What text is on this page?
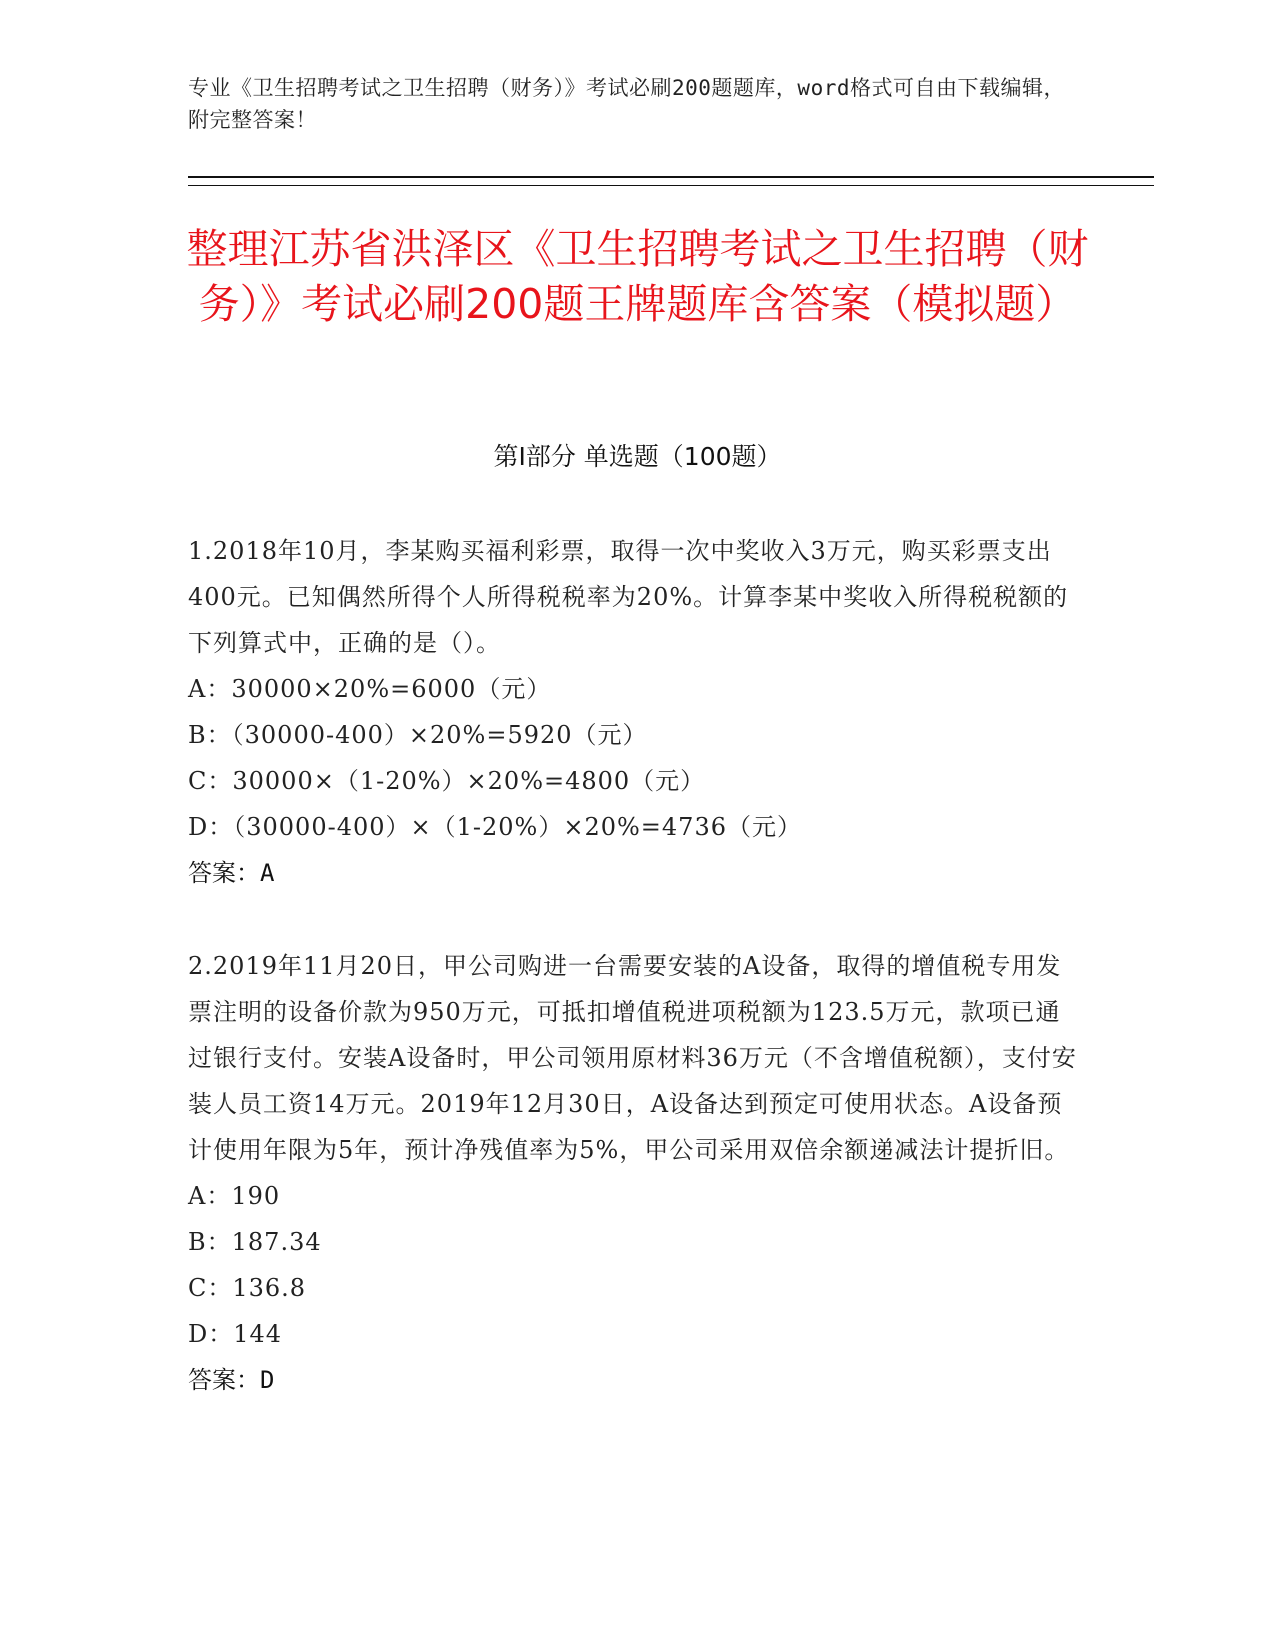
专业《卫生招聘考试之卫生招聘（财务）》考试必刷200题题库，word格式可自由下载编辑，附完整答案！
整理江苏省洪泽区《卫生招聘考试之卫生招聘（财务）》考试必刷200题王牌题库含答案（模拟题）
第Ⅰ部分 单选题（100题）

1.2018年10月，李某购买福利彩票，取得一次中奖收入3万元，购买彩票支出400元。已知偶然所得个人所得税税率为20%。计算李某中奖收入所得税税额的下列算式中，正确的是（）。

A：30000×20%=6000（元）

B：（30000-400）×20%=5920（元）

C：30000×（1-20%）×20%=4800（元）

D：（30000-400）×（1-20%）×20%=4736（元）

答案：A

2.2019年11月20日，甲公司购进一台需要安装的A设备，取得的增值税专用发票注明的设备价款为950万元，可抵扣增值税进项税额为123.5万元，款项已通过银行支付。安装A设备时，甲公司领用原材料36万元（不含增值税额），支付安装人员工资14万元。2019年12月30日，A设备达到预定可使用状态。A设备预计使用年限为5年，预计净残值率为5%，甲公司采用双倍余额递减法计提折旧。

A：190

B：187.34

C：136.8

D：144

答案：D
